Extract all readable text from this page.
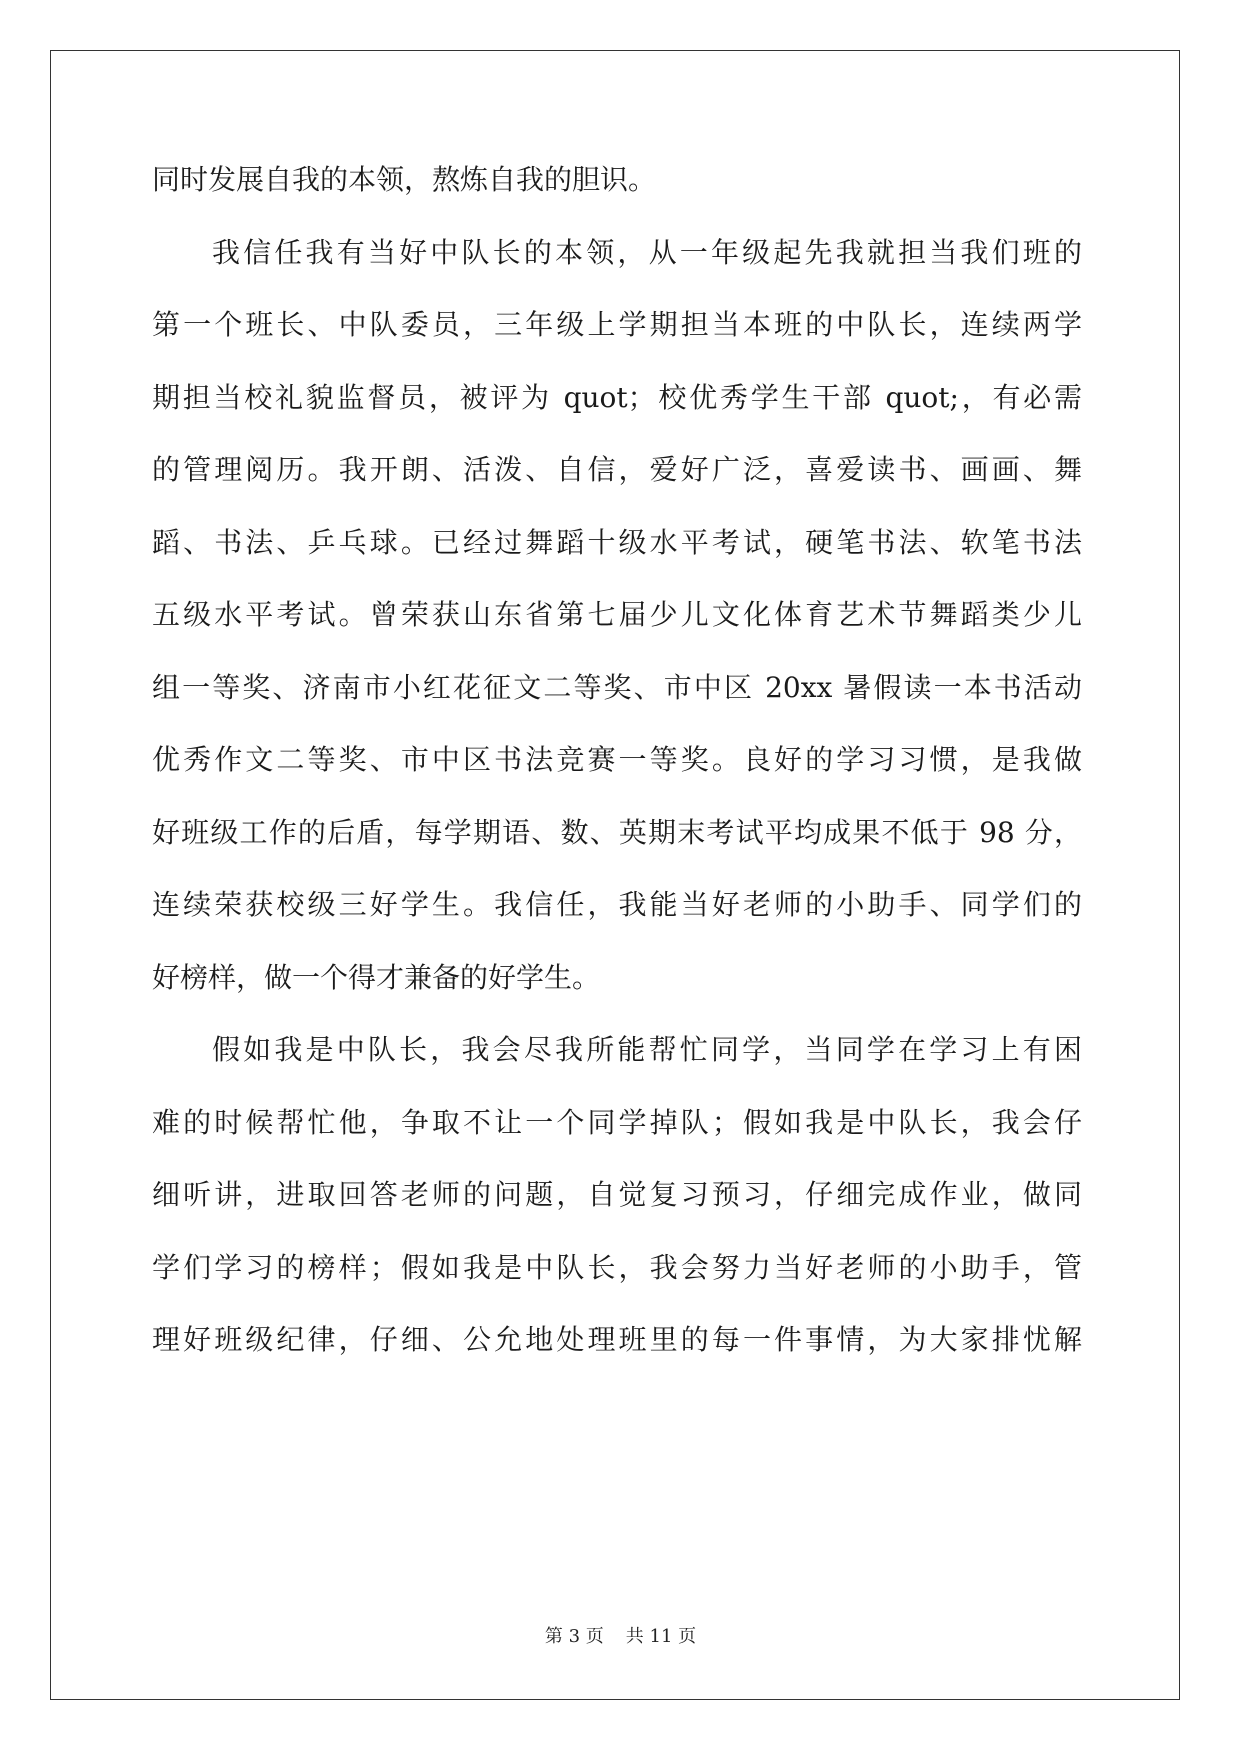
同时发展自我的本领，熬炼自我的胆识。
我信任我有当好中队长的本领，从一年级起先我就担当我们班的
第一个班长、中队委员，三年级上学期担当本班的中队长，连续两学
期担当校礼貌监督员，被评为 quot；校优秀学生干部 quot;，有必需
的管理阅历。我开朗、活泼、自信，爱好广泛，喜爱读书、画画、舞
蹈、书法、乒乓球。已经过舞蹈十级水平考试，硬笔书法、软笔书法
五级水平考试。曾荣获山东省第七届少儿文化体育艺术节舞蹈类少儿
组一等奖、济南市小红花征文二等奖、市中区 20xx 暑假读一本书活动
优秀作文二等奖、市中区书法竞赛一等奖。良好的学习习惯，是我做
好班级工作的后盾，每学期语、数、英期末考试平均成果不低于 98 分，
连续荣获校级三好学生。我信任，我能当好老师的小助手、同学们的
好榜样，做一个得才兼备的好学生。
假如我是中队长，我会尽我所能帮忙同学，当同学在学习上有困
难的时候帮忙他，争取不让一个同学掉队；假如我是中队长，我会仔
细听讲，进取回答老师的问题，自觉复习预习，仔细完成作业，做同
学们学习的榜样；假如我是中队长，我会努力当好老师的小助手，管
理好班级纪律，仔细、公允地处理班里的每一件事情，为大家排忧解
第 3 页 共 11 页
